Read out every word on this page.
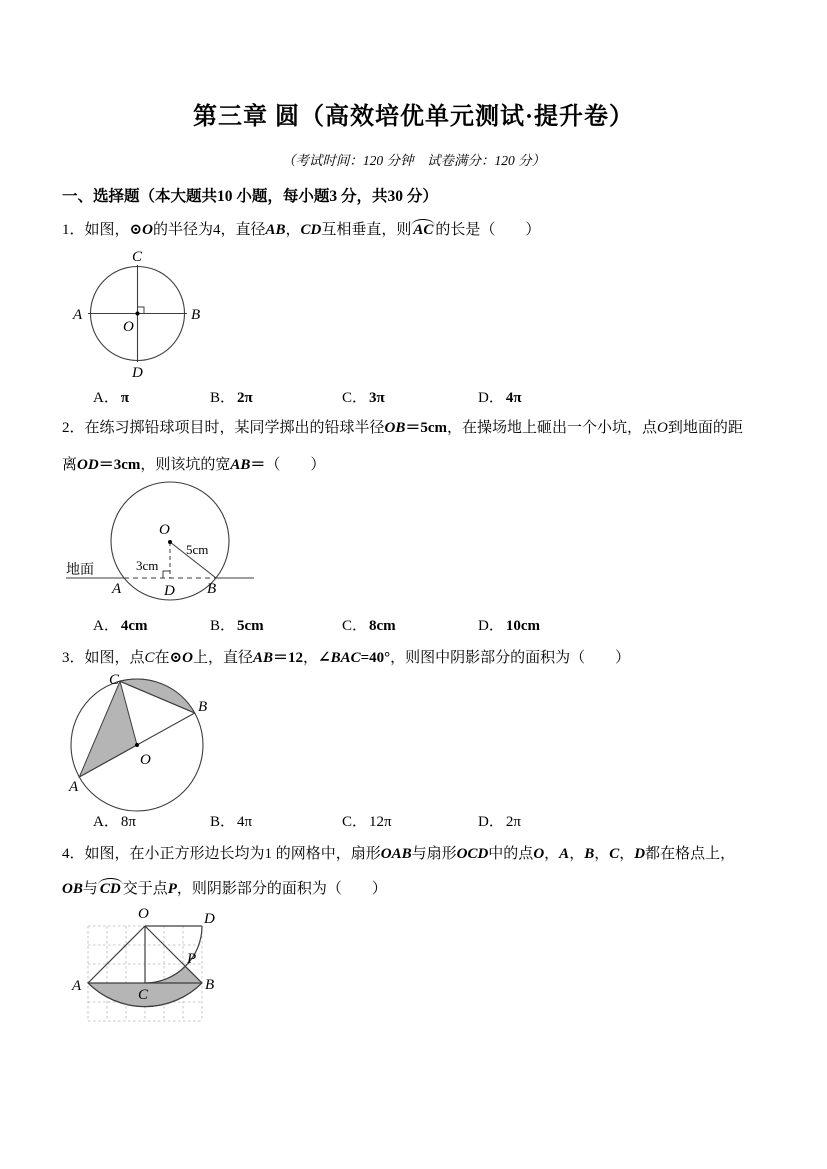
第三章 圆（高效培优单元测试·提升卷）
（考试时间：120 分钟　试卷满分：120 分）
一、选择题（本大题共10 小题，每小题3 分，共30 分）
1．如图，⊙O的半径为4，直径AB，CD互相垂直，则 AC 的长是（　　）
C
A	B
O
D
A． π	B． 2π	C． 3π	D． 4π
2．在练习掷铅球项目时，某同学掷出的铅球半径OB＝5cm，在操场地上砸出一个小坑，点O到地面的距
离OD＝3cm，则该坑的宽AB＝（　　）
地面
O
3cm
5cm
A	D B
A． 4cm	B． 5cm	C． 8cm	D． 10cm
3．如图，点C在⊙O上，直径AB＝12，∠BAC=40°，则图中阴影部分的面积为（　　）
C
B
O
A
A． 8π	B． 4π	C． 12π	D． 2π
4．如图，在小正方形边长均为1 的网格中，扇形OAB与扇形OCD中的点O，A，B，C，D都在格点上，
OB与 CD 交于点P，则阴影部分的面积为（　　）
O	D
A	B
C
P
